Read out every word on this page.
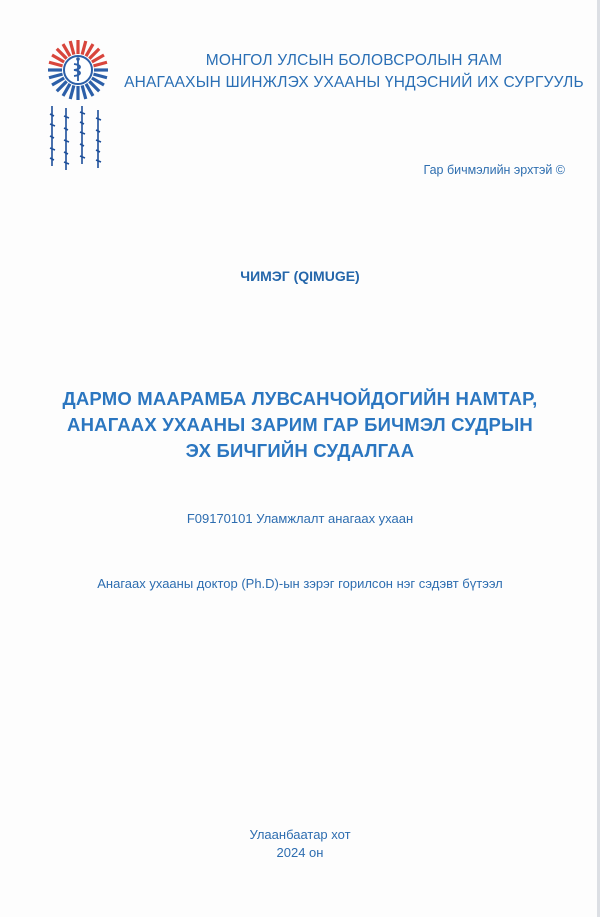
МОНГОЛ УЛСЫН БОЛОВСРОЛЫН ЯАМ
АНАГААХЫН ШИНЖЛЭХ УХААНЫ ҮНДЭСНИЙ ИХ СУРГУУЛЬ
Гар бичмэлийн эрхтэй ©
ЧИМЭГ (QIMUGE)
ДАРМО МААРАМБА ЛУВСАНЧОЙДОГИЙН НАМТАР,
АНАГААХ УХААНЫ ЗАРИМ ГАР БИЧМЭЛ СУДРЫН
ЭХ БИЧГИЙН СУДАЛГАА
F09170101 Уламжлалт анагаах ухаан
Анагаах ухааны доктор (Ph.D)-ын зэрэг горилсон нэг сэдэвт бүтээл
Улаанбаатар хот
2024 он
